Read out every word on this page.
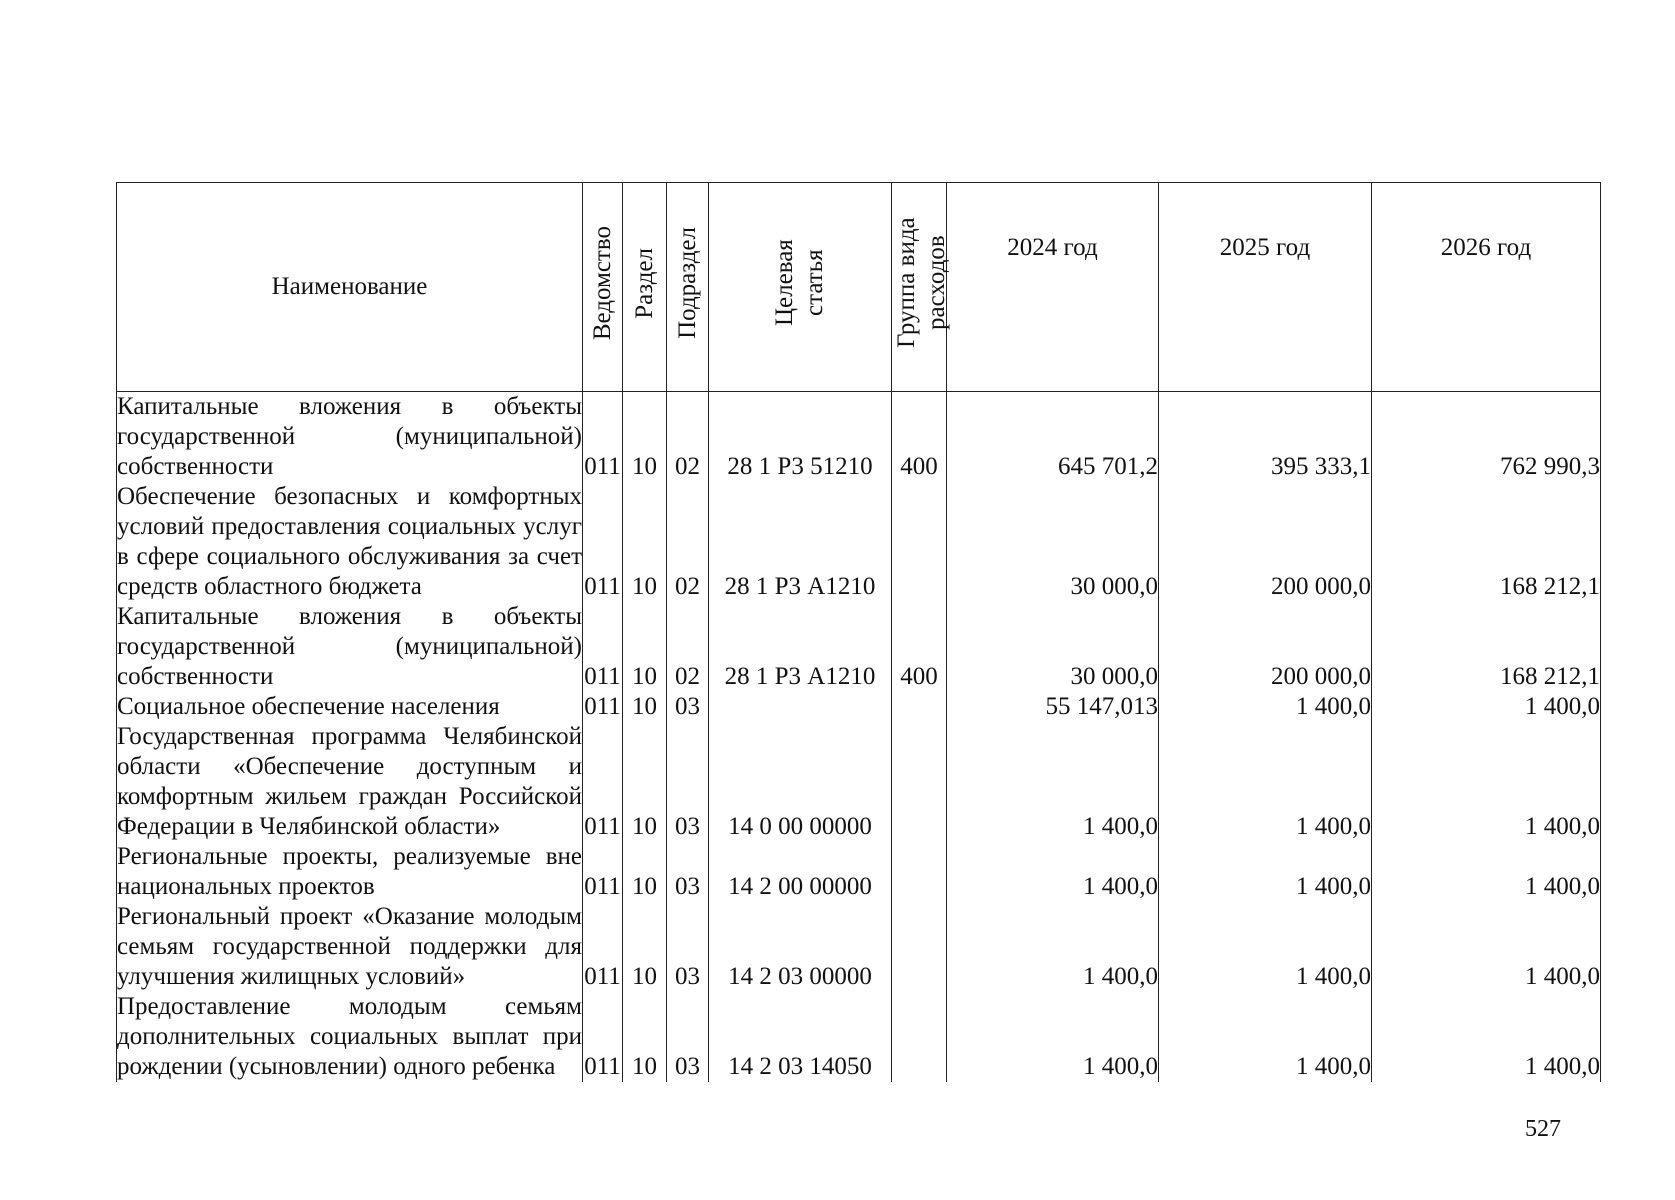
Наименование	Ведомство	Раздел	Подраздел	Целевая статья	Группа вида расходов	2024 год	2025 год	2026 год
Капитальные вложения в объекты государственной (муниципальной) собственности	011	10	02	28 1 Р3 51210	400	645 701,2	395 333,1	762 990,3
Обеспечение безопасных и комфортных условий предоставления социальных услуг в сфере социального обслуживания за счет средств областного бюджета	011	10	02	28 1 Р3 А1210		30 000,0	200 000,0	168 212,1
Капитальные вложения в объекты государственной (муниципальной) собственности	011	10	02	28 1 Р3 А1210	400	30 000,0	200 000,0	168 212,1
Социальное обеспечение населения	011	10	03			55 147,013	1 400,0	1 400,0
Государственная программа Челябинской области «Обеспечение доступным и комфортным жильем граждан Российской Федерации в Челябинской области»	011	10	03	14 0 00 00000		1 400,0	1 400,0	1 400,0
Региональные проекты, реализуемые вне национальных проектов	011	10	03	14 2 00 00000		1 400,0	1 400,0	1 400,0
Региональный проект «Оказание молодым семьям государственной поддержки для улучшения жилищных условий»	011	10	03	14 2 03 00000		1 400,0	1 400,0	1 400,0
Предоставление молодым семьям дополнительных социальных выплат при рождении (усыновлении) одного ребенка	011	10	03	14 2 03 14050		1 400,0	1 400,0	1 400,0
527
